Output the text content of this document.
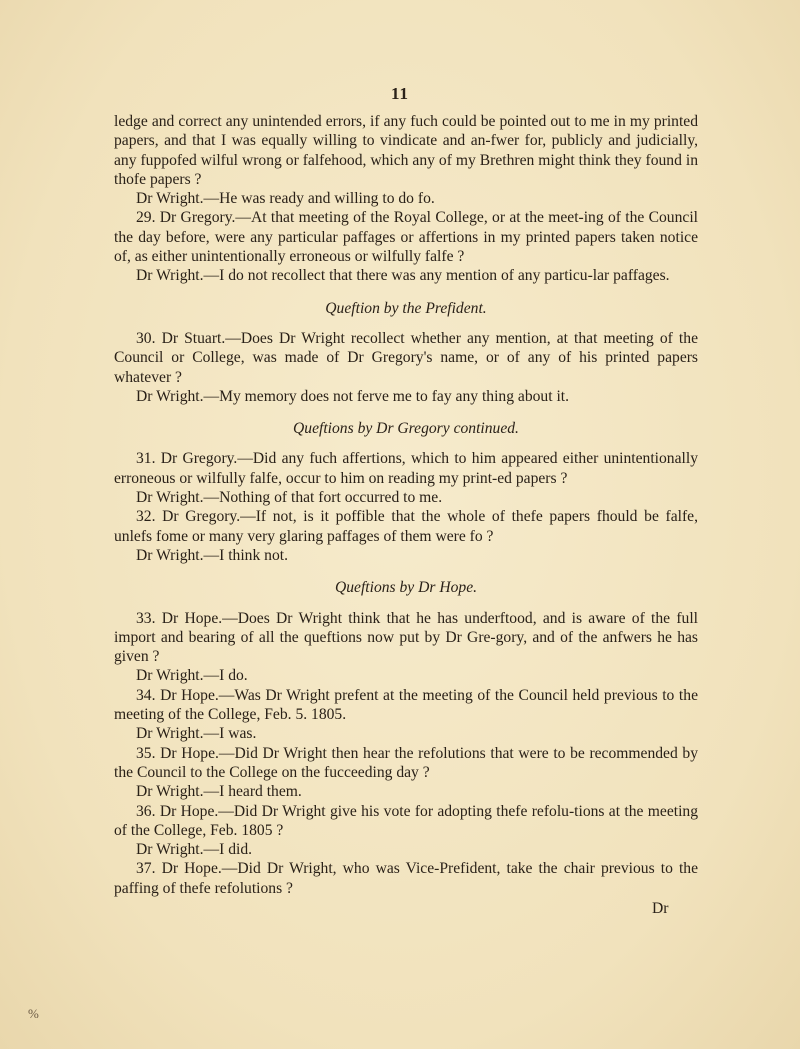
11

ledge and correct any unintended errors, if any fuch could be pointed out to me in my printed papers, and that I was equally willing to vindicate and an-fwer for, publicly and judicially, any fuppofed wilful wrong or falfehood, which any of my Brethren might think they found in thofe papers ?

Dr Wright.—He was ready and willing to do fo.

29. Dr Gregory.—At that meeting of the Royal College, or at the meet-ing of the Council the day before, were any particular paffages or affertions in my printed papers taken notice of, as either unintentionally erroneous or wilfully falfe ?

Dr Wright.—I do not recollect that there was any mention of any particu-lar paffages.

Queftion by the Prefident.

30. Dr Stuart.—Does Dr Wright recollect whether any mention, at that meeting of the Council or College, was made of Dr Gregory's name, or of any of his printed papers whatever ?

Dr Wright.—My memory does not ferve me to fay any thing about it.

Queftions by Dr Gregory continued.

31. Dr Gregory.—Did any fuch affertions, which to him appeared either unintentionally erroneous or wilfully falfe, occur to him on reading my print-ed papers ?

Dr Wright.—Nothing of that fort occurred to me.

32. Dr Gregory.—If not, is it poffible that the whole of thefe papers fhould be falfe, unlefs fome or many very glaring paffages of them were fo ?

Dr Wright.—I think not.

Queftions by Dr Hope.

33. Dr Hope.—Does Dr Wright think that he has underftood, and is aware of the full import and bearing of all the queftions now put by Dr Gre-gory, and of the anfwers he has given ?

Dr Wright.—I do.

34. Dr Hope.—Was Dr Wright prefent at the meeting of the Council held previous to the meeting of the College, Feb. 5. 1805.

Dr Wright.—I was.

35. Dr Hope.—Did Dr Wright then hear the refolutions that were to be recommended by the Council to the College on the fucceeding day ?

Dr Wright.—I heard them.

36. Dr Hope.—Did Dr Wright give his vote for adopting thefe refolu-tions at the meeting of the College, Feb. 1805 ?

Dr Wright.—I did.

37. Dr Hope.—Did Dr Wright, who was Vice-Prefident, take the chair previous to the paffing of thefe refolutions ?

Dr
%
